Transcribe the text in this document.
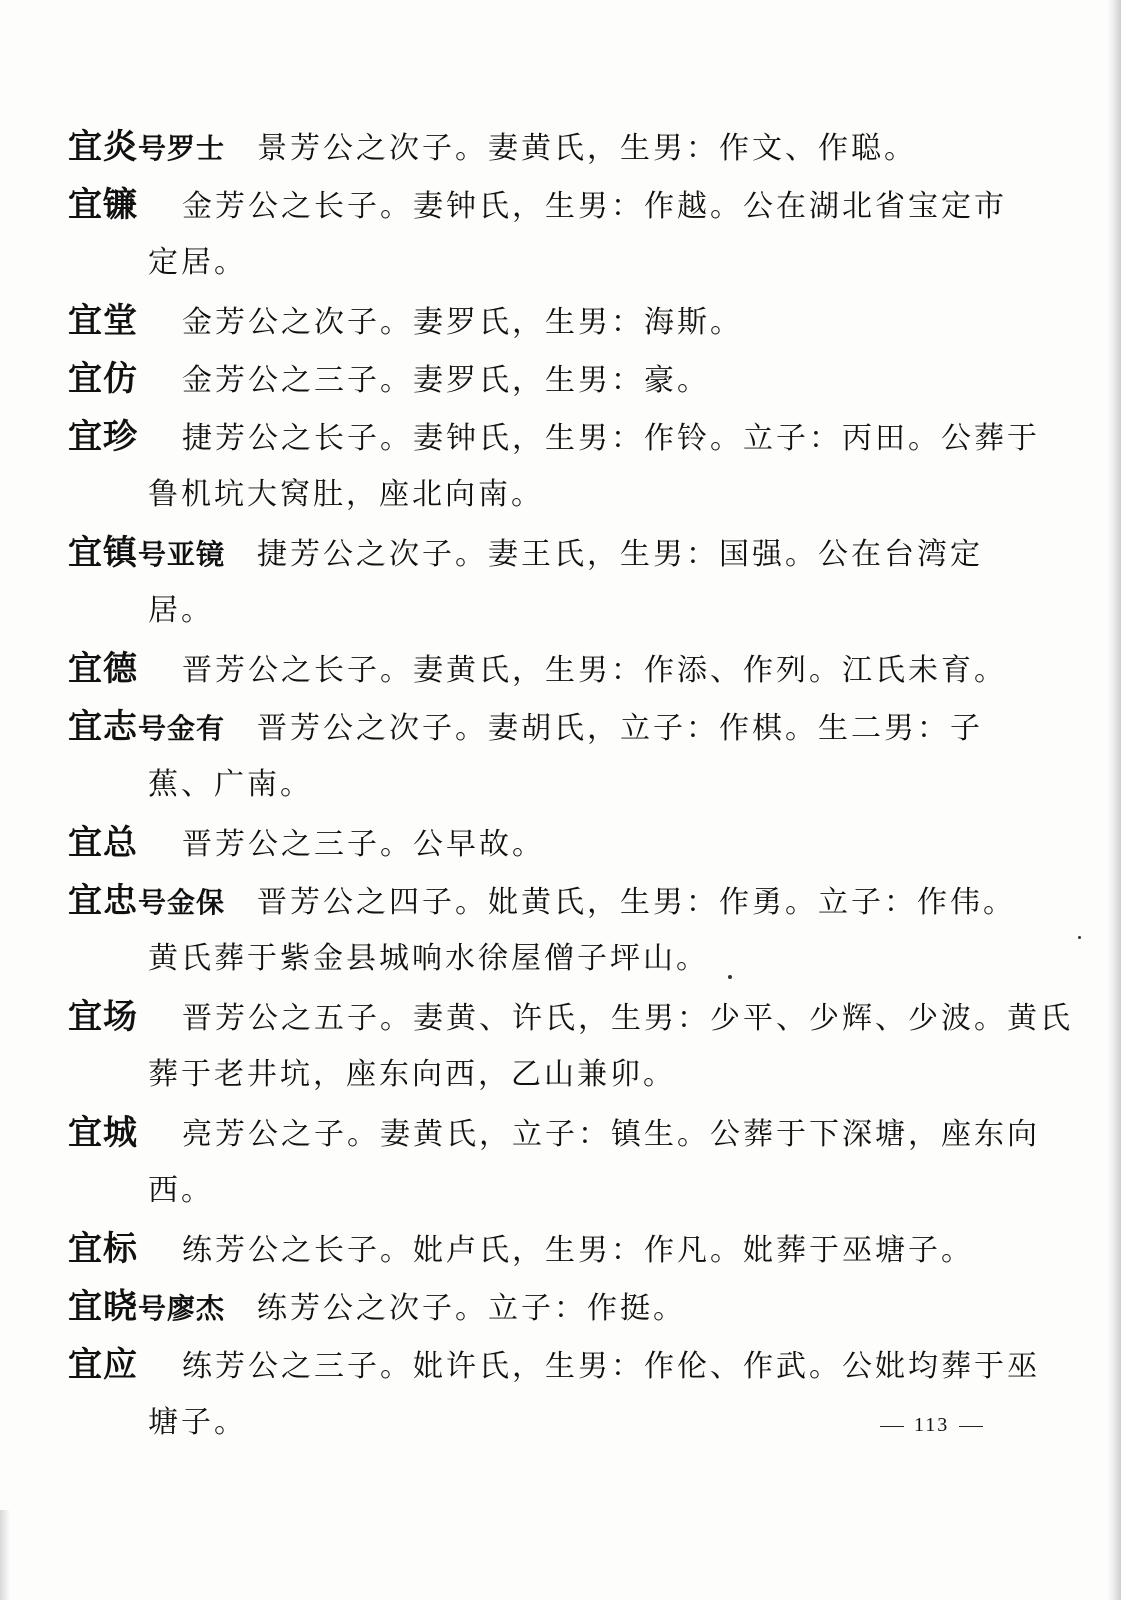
宜炎号罗士 景芳公之次子。妻黄氏，生男：作文、作聪。
宜镰 金芳公之长子。妻钟氏，生男：作越。公在湖北省宝定市
定居。
宜堂 金芳公之次子。妻罗氏，生男：海斯。
宜仿 金芳公之三子。妻罗氏，生男：豪。
宜珍 捷芳公之长子。妻钟氏，生男：作铃。立子：丙田。公葬于
鲁机坑大窝肚，座北向南。
宜镇号亚镜 捷芳公之次子。妻王氏，生男：国强。公在台湾定
居。
宜德 晋芳公之长子。妻黄氏，生男：作添、作列。江氏未育。
宜志号金有 晋芳公之次子。妻胡氏，立子：作棋。生二男：子
蕉、广南。
宜总 晋芳公之三子。公早故。
宜忠号金保 晋芳公之四子。妣黄氏，生男：作勇。立子：作伟。
黄氏葬于紫金县城响水徐屋僧子坪山。
宜场 晋芳公之五子。妻黄、许氏，生男：少平、少辉、少波。黄氏
葬于老井坑，座东向西，乙山兼卯。
宜城 亮芳公之子。妻黄氏，立子：镇生。公葬于下深塘，座东向
西。
宜标 练芳公之长子。妣卢氏，生男：作凡。妣葬于巫塘子。
宜晓号廖杰 练芳公之次子。立子：作挺。
宜应 练芳公之三子。妣许氏，生男：作伦、作武。公妣均葬于巫
塘子。	113
